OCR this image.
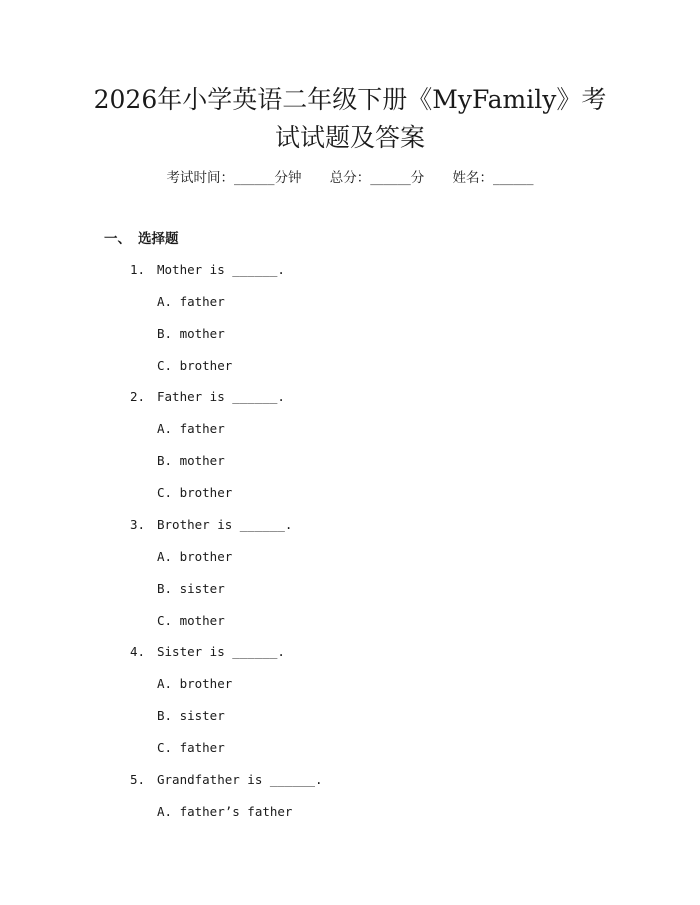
2026年小学英语二年级下册《MyFamily》考
试试题及答案
考试时间：______分钟 总分：______分 姓名：______
一、 选择题
1. Mother is ______.
A. father
B. mother
C. brother
2. Father is ______.
A. father
B. mother
C. brother
3. Brother is ______.
A. brother
B. sister
C. mother
4. Sister is ______.
A. brother
B. sister
C. father
5. Grandfather is ______.
A. father’s father
